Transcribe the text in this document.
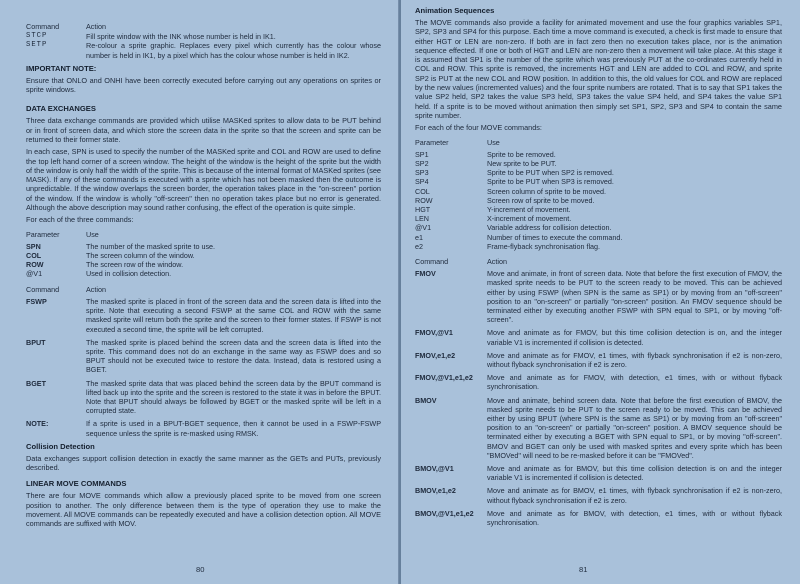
Command	Action
STCP	Fill sprite window with the INK whose number is held in IK1.
SETP	Re-colour a sprite graphic. Replaces every pixel which currently has the colour whose number is held in IK1, by a pixel which has the colour whose number is held in IK2.
IMPORTANT NOTE:

Ensure that ONLO and ONHI have been correctly executed before carrying out any operations on sprites or sprite windows.

DATA EXCHANGES

Three data exchange commands are provided which utilise MASKed sprites to allow data to be PUT behind or in front of screen data, and which store the screen data in the sprite so that the screen and sprite can be returned to their former state.

In each case, SPN is used to specify the number of the MASKed sprite and COL and ROW are used to define the top left hand corner of a screen window. The height of the window is the height of the sprite but the width of the window is only half the width of the sprite. This is because of the internal format of MASKed sprites (see MASK). If any of these commands is executed with a sprite which has not been masked then the outcome is unpredictable. If the window overlaps the screen border, the operation takes place in the "on-screen" portion of the window. If the window is wholly "off-screen" then no operation takes place but no error is generated. Although the above description may sound rather confusing, the effect of the operation is quite simple.

For each of the three commands:

Parameter	Use
SPN	The number of the masked sprite to use.
COL	The screen column of the window.
ROW	The screen row of the window.
@V1	Used in collision detection.
Command	Action
FSWP	The masked sprite is placed in front of the screen data and the screen data is lifted into the sprite. Note that executing a second FSWP at the same COL and ROW with the same masked sprite will return both the sprite and the screen to their former states. If FSWP is not executed a second time, the sprite will be left corrupted.
BPUT	The masked sprite is placed behind the screen data and the screen data is lifted into the sprite. This command does not do an exchange in the same way as FSWP does and so BPUT should not be executed twice to restore the data. Instead, data is restored using a BGET.
BGET	The masked sprite data that was placed behind the screen data by the BPUT command is lifted back up into the sprite and the screen is restored to the state it was in before the BPUT. Note that BPUT should always be followed by BGET or the masked sprite will be left in a corrupted state.
NOTE:	If a sprite is used in a BPUT-BGET sequence, then it cannot be used in a FSWP-FSWP sequence unless the sprite is re-masked using RMSK.
Collision Detection

Data exchanges support collision detection in exactly the same manner as the GETs and PUTs, previously described.

LINEAR MOVE COMMANDS

There are four MOVE commands which allow a previously placed sprite to be moved from one screen position to another. The only difference between them is the type of operation they use to make the movement. All MOVE commands can be repeatedly executed and have a collision detection option. All MOVE commands are suffixed with MOV.

80
Animation Sequences

The MOVE commands also provide a facility for animated movement and use the four graphics variables SP1, SP2, SP3 and SP4 for this purpose. Each time a move command is executed, a check is first made to ensure that either HGT or LEN are non-zero. If both are in fact zero then no execution takes place, nor is the animation sequence effected. If one or both of HGT and LEN are non-zero then a movement will take place. At this stage it is assumed that SP1 is the number of the sprite which was previously PUT at the co-ordinates currently held in COL and ROW. This sprite is removed, the increments HGT and LEN are added to COL and ROW, and sprite SP2 is PUT at the new COL and ROW position. In addition to this, the old values for COL and ROW are replaced by the new values (incremented values) and the four sprite numbers are rotated. That is to say that SP1 takes the value SP2 held, SP2 takes the value SP3 held, SP3 takes the value SP4 held, and SP4 takes the value SP1 held. If a sprite is to be moved without animation then simply set SP1, SP2, SP3 and SP4 to contain the same sprite number.

For each of the four MOVE commands:

Parameter	Use
SP1	Sprite to be removed.
SP2	New sprite to be PUT.
SP3	Sprite to be PUT when SP2 is removed.
SP4	Sprite to be PUT when SP3 is removed.
COL	Screen column of sprite to be moved.
ROW	Screen row of sprite to be moved.
HGT	Y-increment of movement.
LEN	X-increment of movement.
@V1	Variable address for collision detection.
e1	Number of times to execute the command.
e2	Frame-flyback synchronisation flag.
Command	Action
FMOV	Move and animate, in front of screen data. Note that before the first execution of FMOV, the masked sprite needs to be PUT to the screen ready to be moved. This can be achieved either by using FSWP (when SPN is the same as SP1) or by moving from an "off-screen" position to an "on-screen" or partially "on-screen" position. An FMOV sequence should be terminated either by executing another FSWP with SPN equal to SP1, or by moving "off-screen".
FMOV,@V1	Move and animate as for FMOV, but this time collision detection is on, and the integer variable V1 is incremented if collision is detected.
FMOV,e1,e2	Move and animate as for FMOV, e1 times, with flyback synchronisation if e2 is non-zero, without flyback synchronisation if e2 is zero.
FMOV,@V1,e1,e2	Move and animate as for FMOV, with detection, e1 times, with or without flyback synchronisation.
BMOV	Move and animate, behind screen data. Note that before the first execution of BMOV, the masked sprite needs to be PUT to the screen ready to be moved. This can be achieved either by using BPUT (where SPN is the same as SP1) or by moving from an "off-screen" position to an "on-screen" or partially "on-screen" position. A BMOV sequence should be terminated either by executing a BGET with SPN equal to SP1, or by moving "off-screen". BMOV and BGET can only be used with masked sprites and every sprite which has been "BMOVed" will need to be re-masked before it can be "FMOVed".
BMOV,@V1	Move and animate as for BMOV, but this time collision detection is on and the integer variable V1 is incremented if collision is detected.
BMOV,e1,e2	Move and animate as for BMOV, e1 times, with flyback synchronisation if e2 is non-zero, without flyback synchronisation if e2 is zero.
BMOV,@V1,e1,e2	Move and animate as for BMOV, with detection, e1 times, with or without flyback synchronisation.
81
